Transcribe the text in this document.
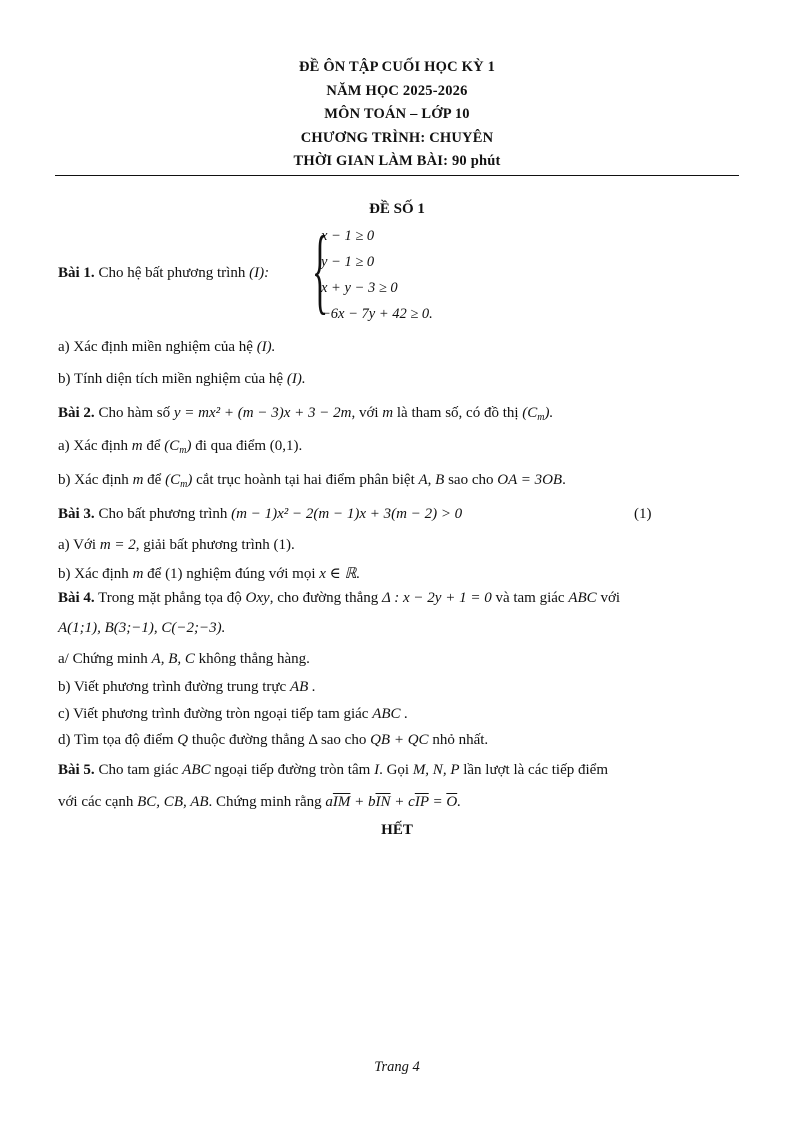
ĐỀ ÔN TẬP CUỐI HỌC KỲ 1
NĂM HỌC 2025-2026
MÔN TOÁN – LỚP 10
CHƯƠNG TRÌNH: CHUYÊN
THỜI GIAN LÀM BÀI: 90 phút
ĐỀ SỐ 1
Bài 1. Cho hệ bất phương trình (I): {
x − 1 ≥ 0
y − 1 ≥ 0
x + y − 3 ≥ 0
−6x − 7y + 42 ≥ 0.
a) Xác định miền nghiệm của hệ (I).
b) Tính diện tích miền nghiệm của hệ (I).
Bài 2. Cho hàm số y = mx² + (m − 3)x + 3 − 2m, với m là tham số, có đồ thị $(C_m)$.
a) Xác định m để $(C_m)$ đi qua điểm (0,1).
b) Xác định m để $(C_m)$ cắt trục hoành tại hai điểm phân biệt A, B sao cho OA = 3OB.
Bài 3. Cho bất phương trình (m − 1)x² − 2(m − 1)x + 3(m − 2) > 0	(1)
a) Với m = 2, giải bất phương trình (1).
b) Xác định m để (1) nghiệm đúng với mọi x ∈ ℝ.
Bài 4. Trong mặt phẳng tọa độ Oxy, cho đường thẳng Δ : x − 2y + 1 = 0 và tam giác ABC với
A(1;1), B(3;−1), C(−2;−3).
a/ Chứng minh A, B, C không thẳng hàng.
b) Viết phương trình đường trung trực AB .
c) Viết phương trình đường tròn ngoại tiếp tam giác ABC .
d) Tìm tọa độ điểm Q thuộc đường thẳng Δ sao cho QB + QC nhỏ nhất.
Bài 5. Cho tam giác ABC ngoại tiếp đường tròn tâm I. Gọi M, N, P lần lượt là các tiếp điểm
với các cạnh BC, CB, AB. Chứng minh rằng $a\overline{IM} + b\overline{IN} + c\overline{IP} = \overline{O}$.
HẾT
Trang 4
